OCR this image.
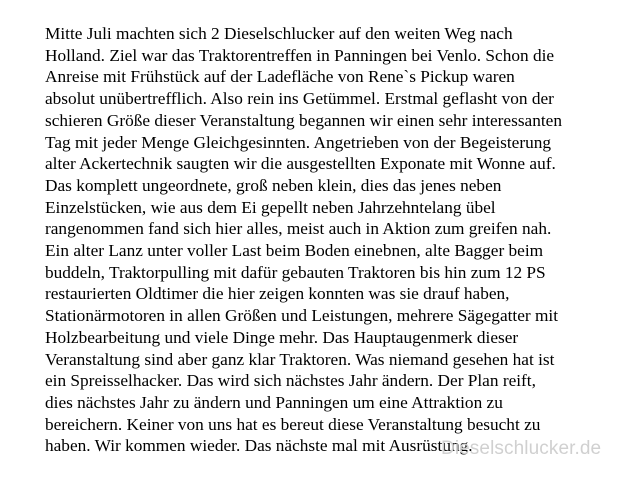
Mitte Juli machten sich 2 Dieselschlucker auf den weiten Weg nach
Holland. Ziel war das Traktorentreffen in Panningen bei Venlo. Schon die
Anreise mit Frühstück auf der Ladefläche von Rene`s Pickup waren
absolut unübertrefflich. Also rein ins Getümmel. Erstmal geflasht von der
schieren Größe dieser Veranstaltung begannen wir einen sehr interessanten
Tag mit jeder Menge Gleichgesinnten. Angetrieben von der Begeisterung
alter Ackertechnik saugten wir die ausgestellten Exponate mit Wonne auf.
Das komplett ungeordnete, groß neben klein, dies das jenes neben
Einzelstücken, wie aus dem Ei gepellt neben Jahrzehntelang übel
rangenommen fand sich hier alles, meist auch in Aktion zum greifen nah.
Ein alter Lanz unter voller Last beim Boden einebnen, alte Bagger beim
buddeln, Traktorpulling mit dafür gebauten Traktoren bis hin zum 12 PS
restaurierten Oldtimer die hier zeigen konnten was sie drauf haben,
Stationärmotoren in allen Größen und Leistungen, mehrere Sägegatter mit
Holzbearbeitung und viele Dinge mehr. Das Hauptaugenmerk dieser
Veranstaltung sind aber ganz klar Traktoren. Was niemand gesehen hat ist
ein Spreisselhacker. Das wird sich nächstes Jahr ändern. Der Plan reift,
dies nächstes Jahr zu ändern und Panningen um eine Attraktion zu
bereichern. Keiner von uns hat es bereut diese Veranstaltung besucht zu
haben. Wir kommen wieder. Das nächste mal mit Ausrüstung.
Dieselschlucker.de
